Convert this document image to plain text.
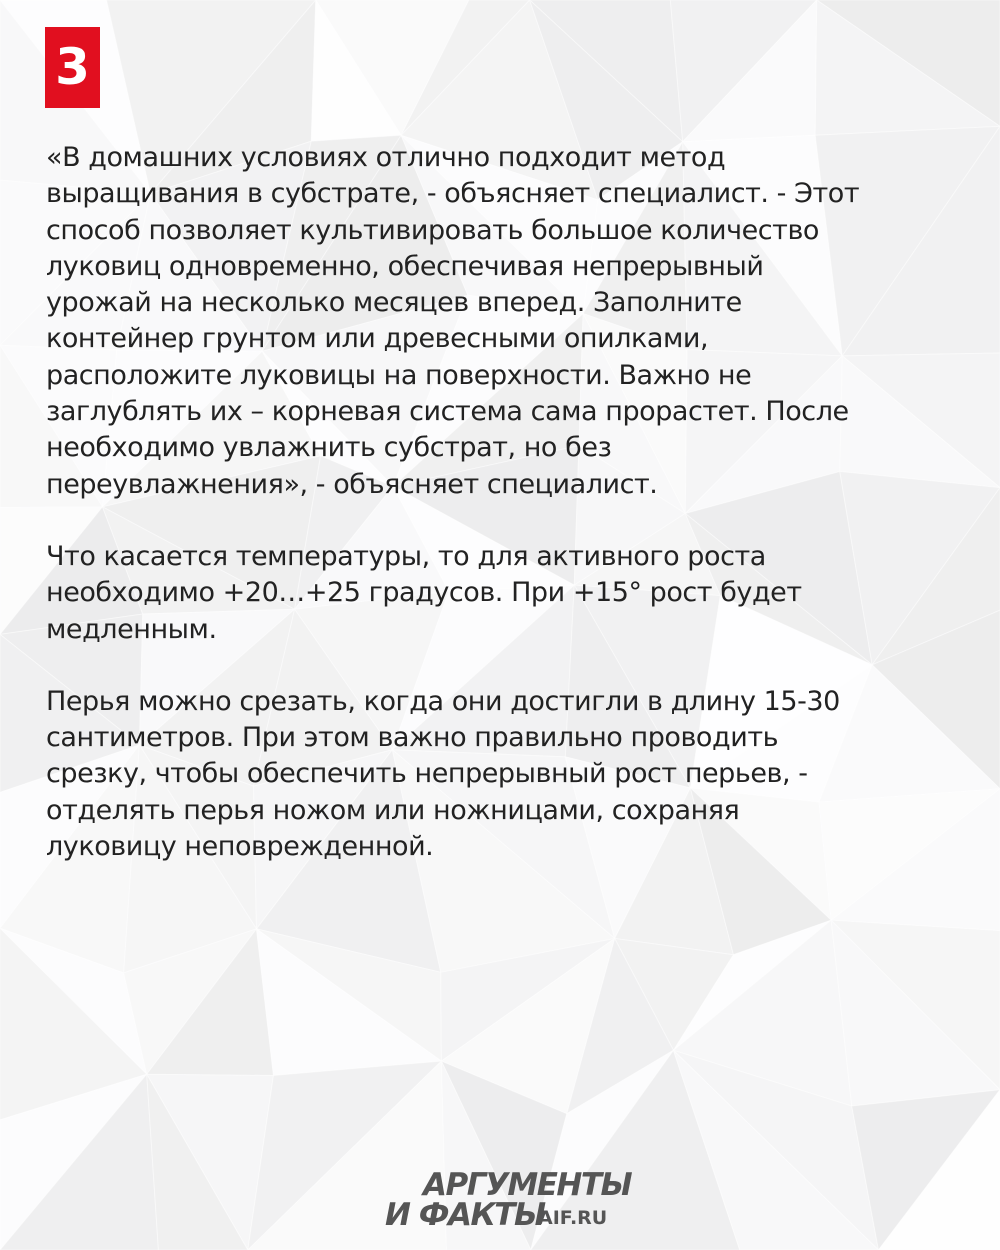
3

«В домашних условиях отлично подходит метод
выращивания в субстрате, - объясняет специалист. - Этот
способ позволяет культивировать большое количество
луковиц одновременно, обеспечивая непрерывный
урожай на несколько месяцев вперед. Заполните
контейнер грунтом или древесными опилками,
расположите луковицы на поверхности. Важно не
заглублять их – корневая система сама прорастет. После
необходимо увлажнить субстрат, но без
переувлажнения», - объясняет специалист.

Что касается температуры, то для активного роста
необходимо +20…+25 градусов. При +15° рост будет
медленным.

Перья можно срезать, когда они достигли в длину 15-30
сантиметров. При этом важно правильно проводить
срезку, чтобы обеспечить непрерывный рост перьев, -
отделять перья ножом или ножницами, сохраняя
луковицу неповрежденной.

АРГУМЕНТЫ
И ФАКТЫ
AIF.RU
